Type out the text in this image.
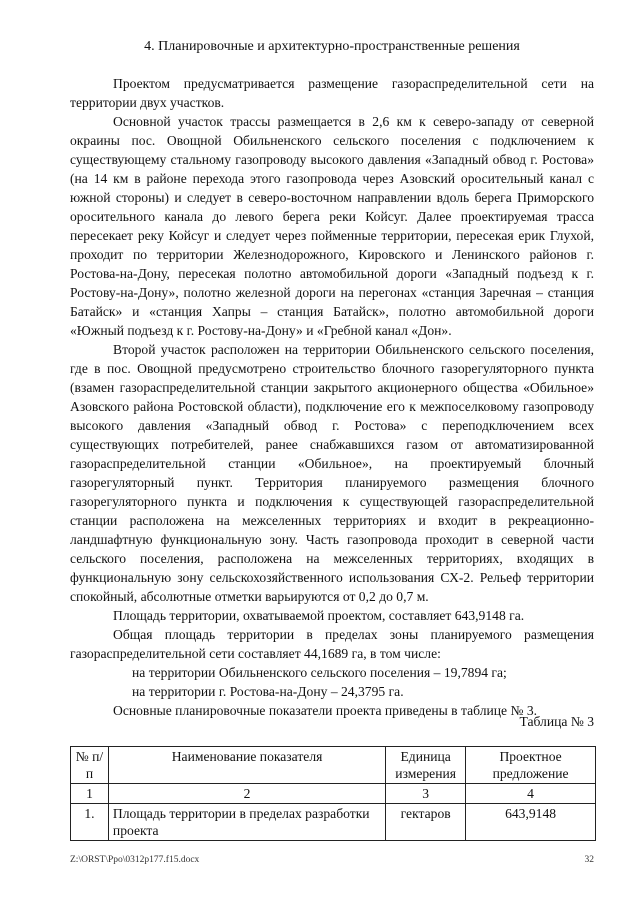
4. Планировочные и архитектурно-пространственные решения

Проектом предусматривается размещение газораспределительной сети на территории двух участков.

Основной участок трассы размещается в 2,6 км к северо-западу от северной окраины пос. Овощной Обильненского сельского поселения с подключением к существующему стальному газопроводу высокого давления «Западный обвод г. Ростова» (на 14 км в районе перехода этого газопровода через Азовский оросительный канал с южной стороны) и следует в северо-восточном направлении вдоль берега Приморского оросительного канала до левого берега реки Койсуг. Далее проектируемая трасса пересекает реку Койсуг и следует через пойменные территории, пересекая ерик Глухой, проходит по территории Железнодорожного, Кировского и Ленинского районов г. Ростова-на-Дону, пересекая полотно автомобильной дороги «Западный подъезд к г. Ростову-на-Дону», полотно железной дороги на перегонах «станция Заречная – станция Батайск» и «станция Хапры – станция Батайск», полотно автомобильной дороги «Южный подъезд к г. Ростову-на-Дону» и «Гребной канал «Дон».

Второй участок расположен на территории Обильненского сельского поселения, где в пос. Овощной предусмотрено строительство блочного газорегуляторного пункта (взамен газораспределительной станции закрытого акционерного общества «Обильное» Азовского района Ростовской области), подключение его к межпоселковому газопроводу высокого давления «Западный обвод г. Ростова» с переподключением всех существующих потребителей, ранее снабжавшихся газом от автоматизированной газораспределительной станции «Обильное», на проектируемый блочный газорегуляторный пункт. Территория планируемого размещения блочного газорегуляторного пункта и подключения к существующей газораспределительной станции расположена на межселенных территориях и входит в рекреационно-ландшафтную функциональную зону. Часть газопровода проходит в северной части сельского поселения, расположена на межселенных территориях, входящих в функциональную зону сельскохозяйственного использования СХ-2. Рельеф территории спокойный, абсолютные отметки варьируются от 0,2 до 0,7 м.

Площадь территории, охватываемой проектом, составляет 643,9148 га.

Общая площадь территории в пределах зоны планируемого размещения газораспределительной сети составляет 44,1689 га, в том числе:

на территории Обильненского сельского поселения – 19,7894 га;

на территории г. Ростова-на-Дону – 24,3795 га.

Основные планировочные показатели проекта приведены в таблице № 3.

Таблица № 3
№ п/п	Наименование показателя	Единица измерения	Проектное предложение
1	2	3	4
1.	Площадь территории в пределах разработки проекта	гектаров	643,9148
Z:\ORST\Ppo\0312p177.f15.docx	32
